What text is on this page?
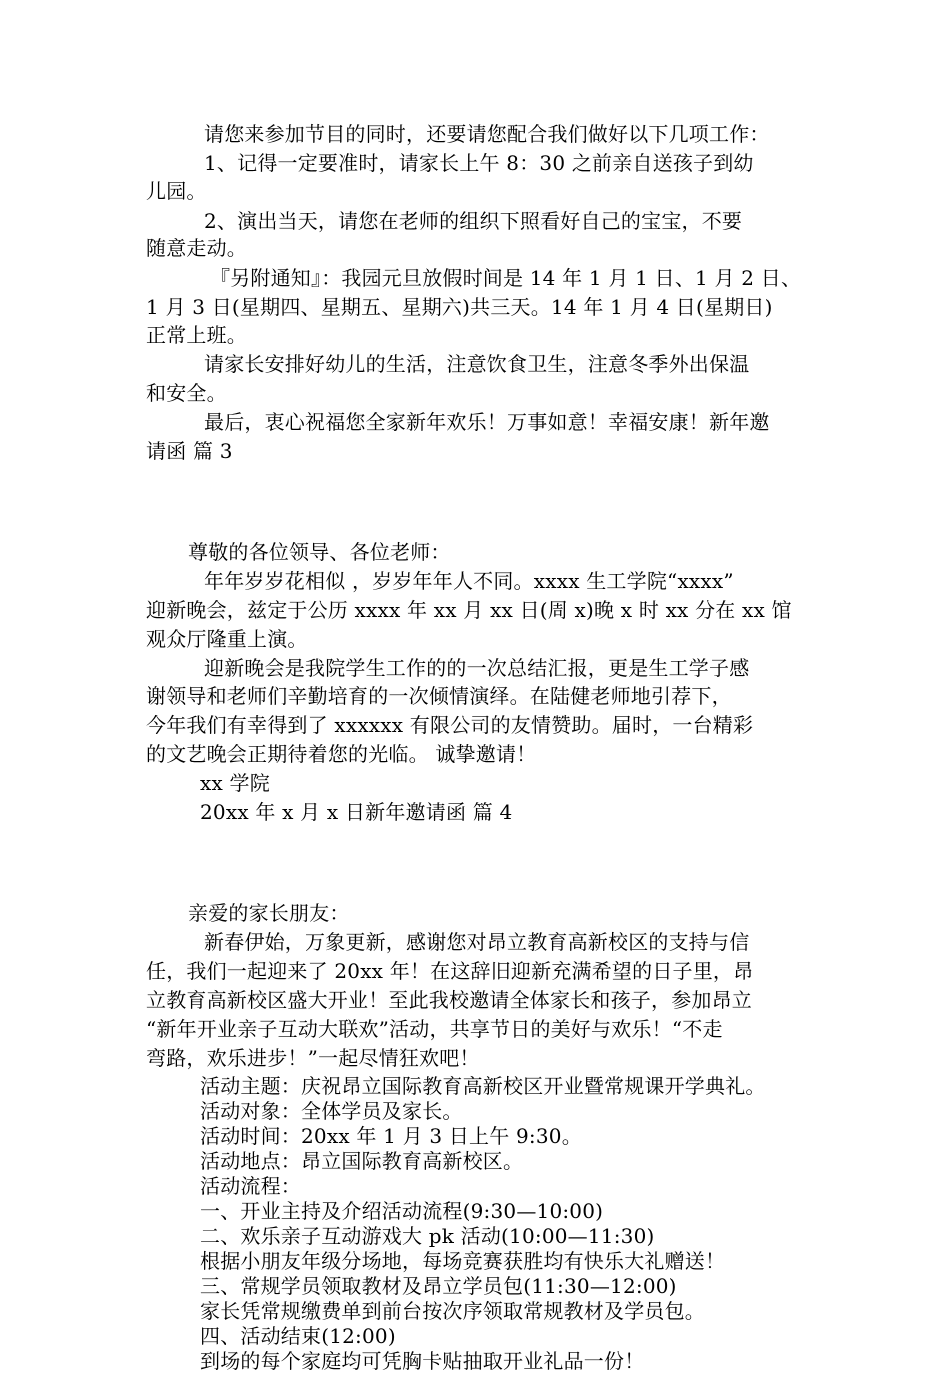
请您来参加节目的同时，还要请您配合我们做好以下几项工作：
1、记得一定要准时，请家长上午 8：30 之前亲自送孩子到幼
儿园。
2、演出当天，请您在老师的组织下照看好自己的宝宝，不要
随意走动。
『另附通知』：我园元旦放假时间是 14 年 1 月 1 日、1 月 2 日、
1 月 3 日(星期四、星期五、星期六)共三天。14 年 1 月 4 日(星期日)
正常上班。
请家长安排好幼儿的生活，注意饮食卫生，注意冬季外出保温
和安全。
最后，衷心祝福您全家新年欢乐！万事如意！幸福安康！新年邀
请函 篇 3
尊敬的各位领导、各位老师：
年年岁岁花相似 ，岁岁年年人不同。xxxx 生工学院“xxxx”
迎新晚会，兹定于公历 xxxx 年 xx 月 xx 日(周 x)晚 x 时 xx 分在 xx 馆
观众厅隆重上演。
迎新晚会是我院学生工作的的一次总结汇报，更是生工学子感
谢领导和老师们辛勤培育的一次倾情演绎。在陆健老师地引荐下，
今年我们有幸得到了 xxxxxx 有限公司的友情赞助。届时，一台精彩
的文艺晚会正期待着您的光临。 诚挚邀请！
xx 学院
20xx 年 x 月 x 日新年邀请函 篇 4
亲爱的家长朋友：
新春伊始，万象更新，感谢您对昂立教育高新校区的支持与信
任，我们一起迎来了 20xx 年！在这辞旧迎新充满希望的日子里，昂
立教育高新校区盛大开业！至此我校邀请全体家长和孩子，参加昂立
“新年开业亲子互动大联欢”活动，共享节日的美好与欢乐！“不走
弯路，欢乐进步！”一起尽情狂欢吧！
活动主题：庆祝昂立国际教育高新校区开业暨常规课开学典礼。
活动对象：全体学员及家长。
活动时间：20xx 年 1 月 3 日上午 9:30。
活动地点：昂立国际教育高新校区。
活动流程：
一、开业主持及介绍活动流程(9:30—10:00)
二、欢乐亲子互动游戏大 pk 活动(10:00—11:30)
根据小朋友年级分场地，每场竞赛获胜均有快乐大礼赠送！
三、常规学员领取教材及昂立学员包(11:30—12:00)
家长凭常规缴费单到前台按次序领取常规教材及学员包。
四、活动结束(12:00)
到场的每个家庭均可凭胸卡贴抽取开业礼品一份！
